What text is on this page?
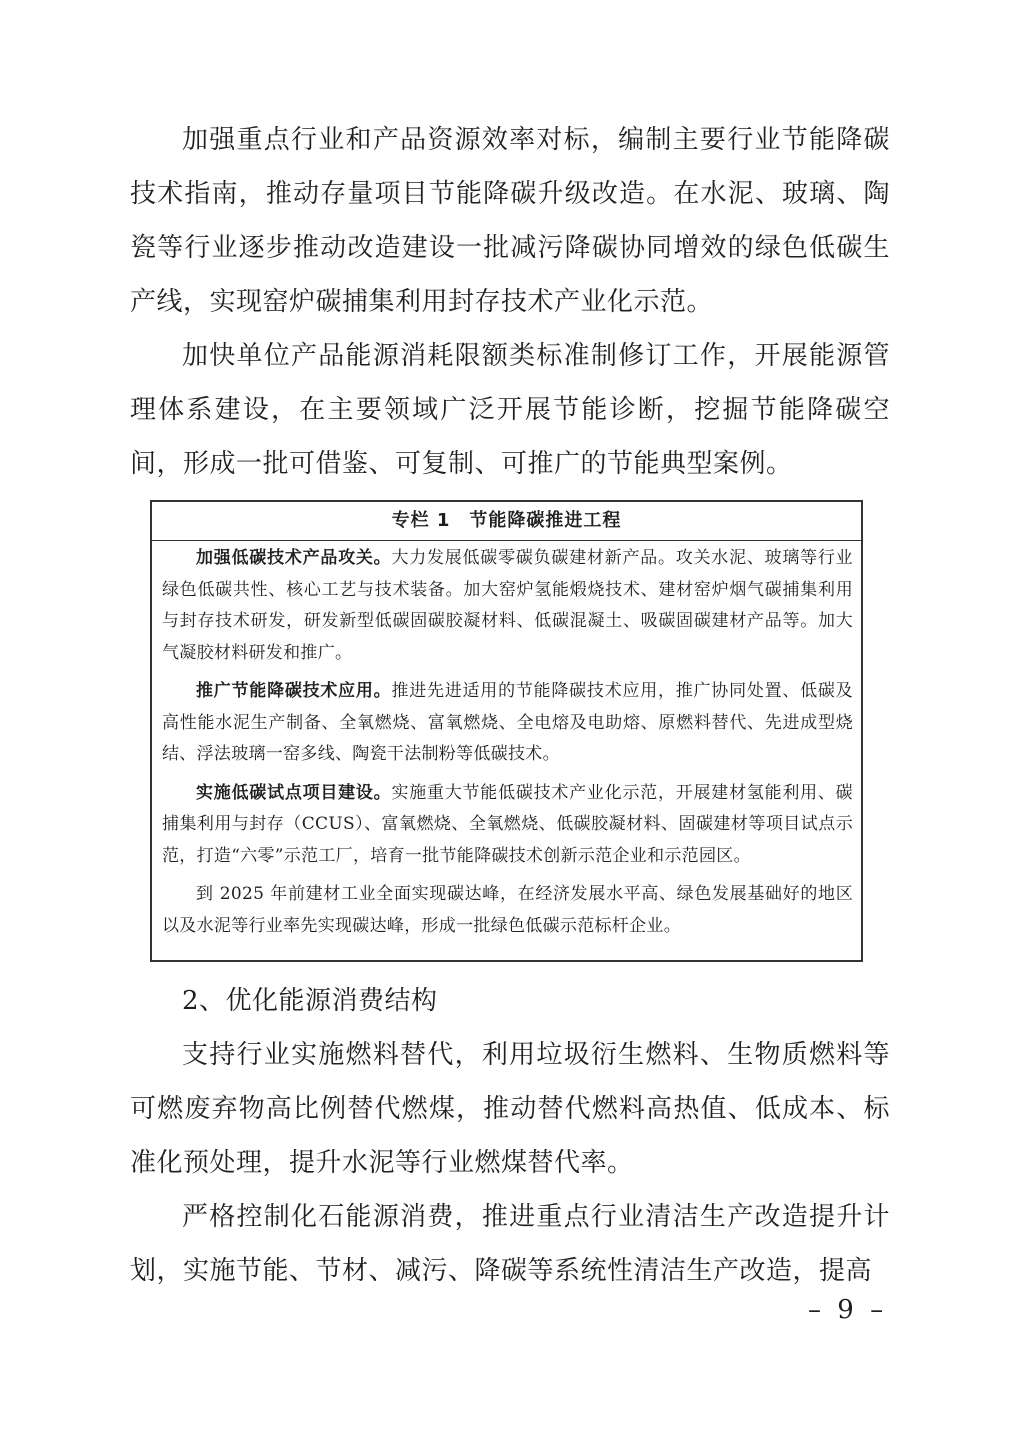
加强重点行业和产品资源效率对标，编制主要行业节能降碳技术指南，推动存量项目节能降碳升级改造。在水泥、玻璃、陶瓷等行业逐步推动改造建设一批减污降碳协同增效的绿色低碳生产线，实现窑炉碳捕集利用封存技术产业化示范。

加快单位产品能源消耗限额类标准制修订工作，开展能源管理体系建设，在主要领域广泛开展节能诊断，挖掘节能降碳空间，形成一批可借鉴、可复制、可推广的节能典型案例。

专栏 1　节能降碳推进工程

加强低碳技术产品攻关。大力发展低碳零碳负碳建材新产品。攻关水泥、玻璃等行业绿色低碳共性、核心工艺与技术装备。加大窑炉氢能煅烧技术、建材窑炉烟气碳捕集利用与封存技术研发，研发新型低碳固碳胶凝材料、低碳混凝土、吸碳固碳建材产品等。加大气凝胶材料研发和推广。

推广节能降碳技术应用。推进先进适用的节能降碳技术应用，推广协同处置、低碳及高性能水泥生产制备、全氧燃烧、富氧燃烧、全电熔及电助熔、原燃料替代、先进成型烧结、浮法玻璃一窑多线、陶瓷干法制粉等低碳技术。

实施低碳试点项目建设。实施重大节能低碳技术产业化示范，开展建材氢能利用、碳捕集利用与封存（CCUS）、富氧燃烧、全氧燃烧、低碳胶凝材料、固碳建材等项目试点示范，打造“六零”示范工厂，培育一批节能降碳技术创新示范企业和示范园区。

到 2025 年前建材工业全面实现碳达峰，在经济发展水平高、绿色发展基础好的地区以及水泥等行业率先实现碳达峰，形成一批绿色低碳示范标杆企业。

2、优化能源消费结构

支持行业实施燃料替代，利用垃圾衍生燃料、生物质燃料等可燃废弃物高比例替代燃煤，推动替代燃料高热值、低成本、标准化预处理，提升水泥等行业燃煤替代率。

严格控制化石能源消费，推进重点行业清洁生产改造提升计划，实施节能、节材、减污、降碳等系统性清洁生产改造，提高

– 9 –
